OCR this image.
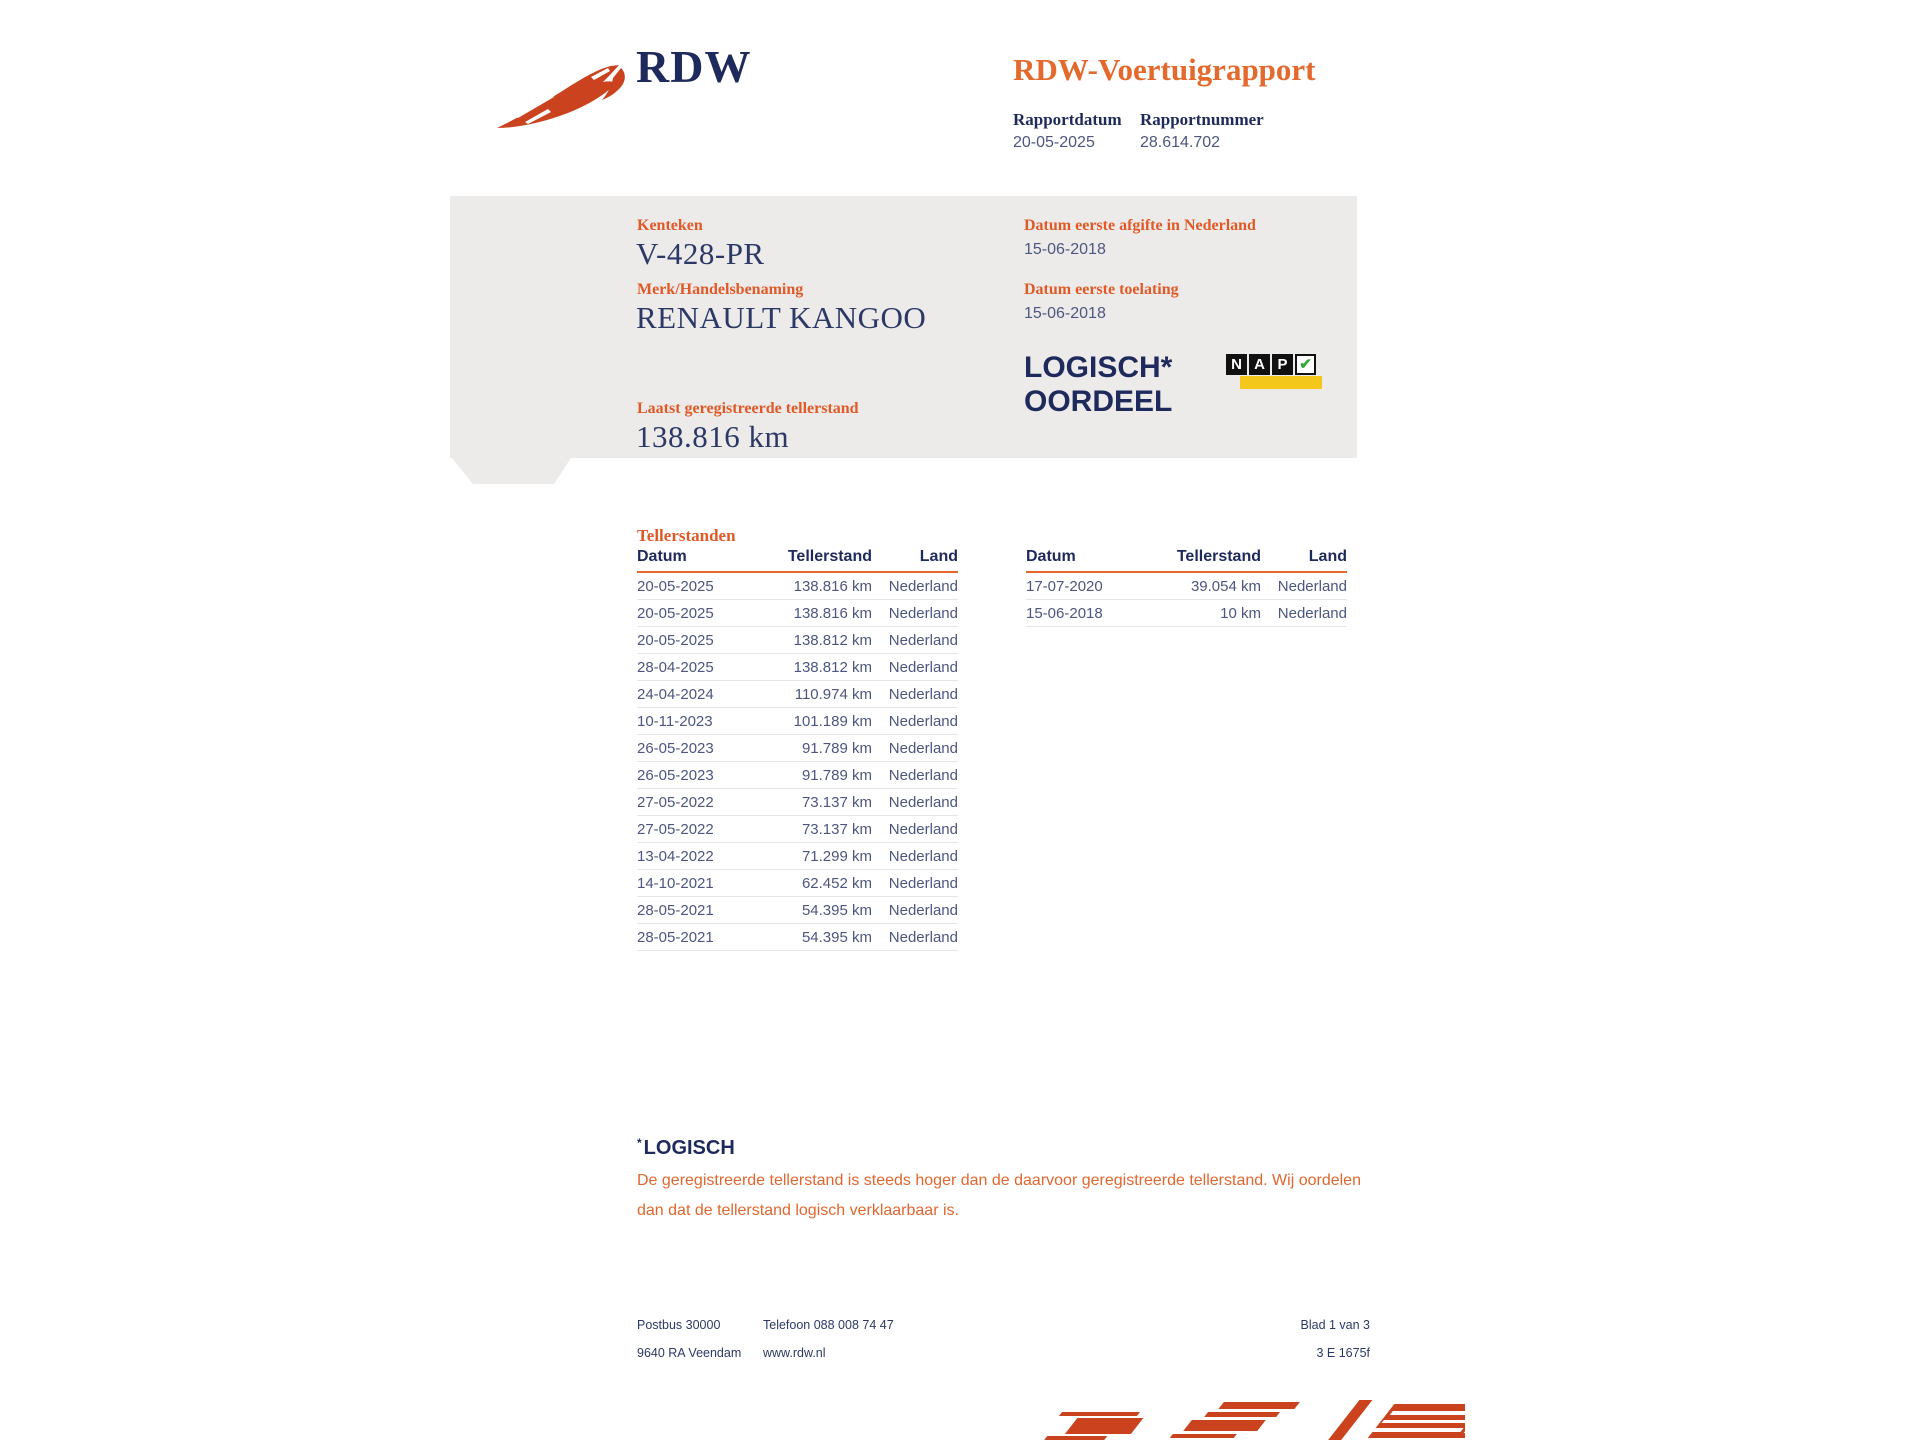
RDW	RDW-Voertuigrapport
Rapportdatum Rapportnummer
20-05-2025	28.614.702
Kenteken
V-428-PR
Merk/Handelsbenaming
RENAULT KANGOO
Laatst geregistreerde tellerstand
138.816 km
Datum eerste afgifte in Nederland
15-06-2018
Datum eerste toelating
15-06-2018
LOGISCH*
OORDEEL
N A P ✔
Tellerstanden
Datum	Tellerstand	Land
20-05-2025	138.816 km	Nederland
20-05-2025	138.816 km	Nederland
20-05-2025	138.812 km	Nederland
28-04-2025	138.812 km	Nederland
24-04-2024	110.974 km	Nederland
10-11-2023	101.189 km	Nederland
26-05-2023	91.789 km	Nederland
26-05-2023	91.789 km	Nederland
27-05-2022	73.137 km	Nederland
27-05-2022	73.137 km	Nederland
13-04-2022	71.299 km	Nederland
14-10-2021	62.452 km	Nederland
28-05-2021	54.395 km	Nederland
28-05-2021	54.395 km	Nederland
Datum	Tellerstand	Land
17-07-2020	39.054 km	Nederland
15-06-2018	10 km	Nederland
* LOGISCH

De geregistreerde tellerstand is steeds hoger dan de daarvoor geregistreerde tellerstand. Wij oordelen dan dat de tellerstand logisch verklaarbaar is.

Postbus 30000
9640 RA Veendam
Telefoon 088 008 74 47
www.rdw.nl
Blad 1 van 3
3 E 1675f
